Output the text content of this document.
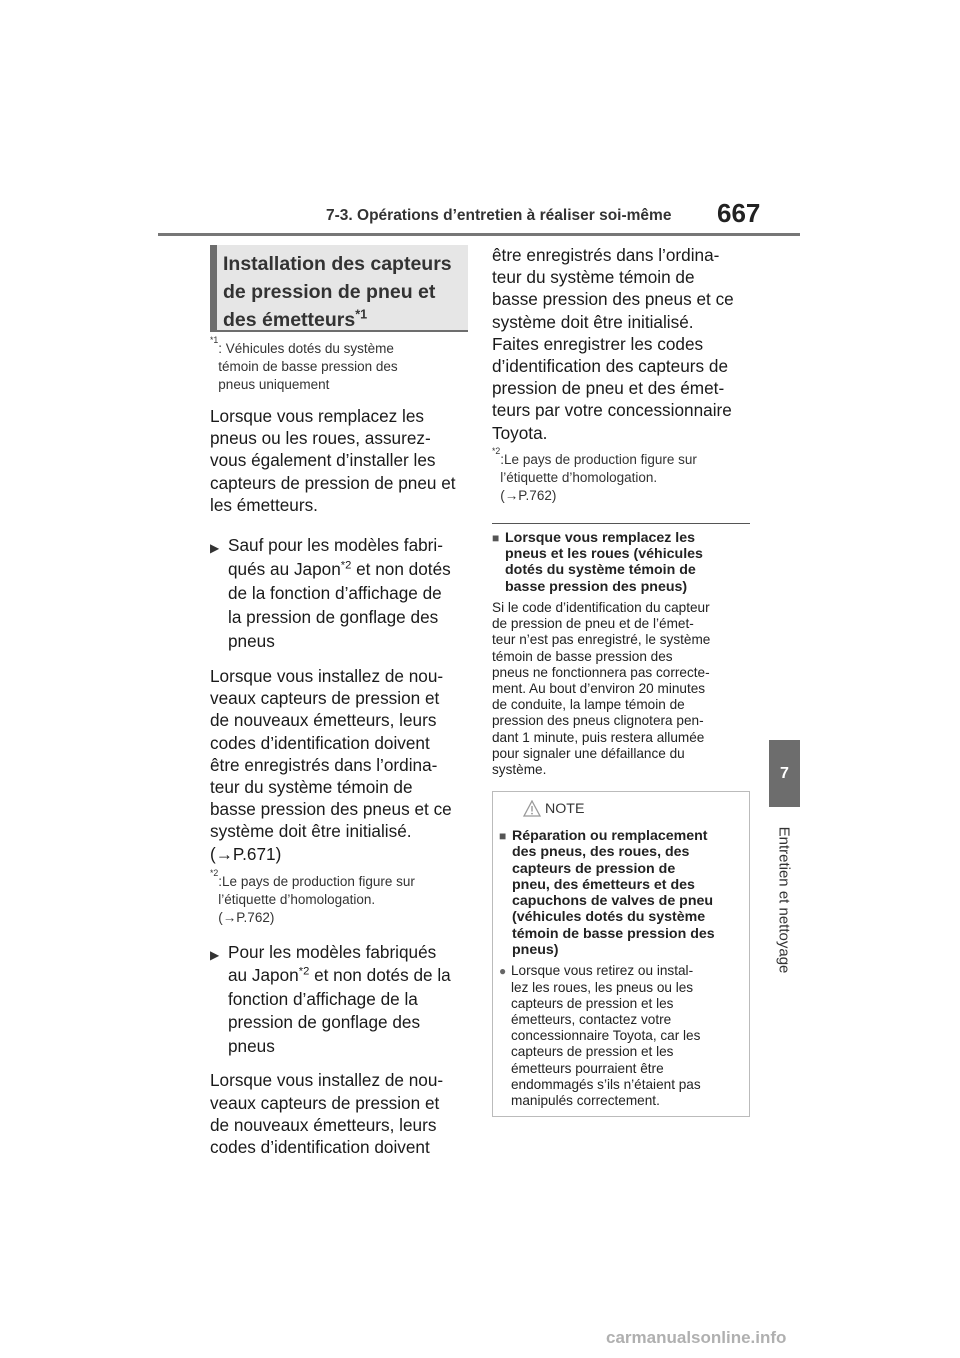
7-3. Opérations d’entretien à réaliser soi-même 667
7
Entretien et nettoyage

Installation des capteurs

de pression de pneu et

des émetteurs$^{*1}$

*1
: Véhicules dotés du système
témoin de basse pression des
pneus uniquement

Lorsque vous remplacez les
pneus ou les roues, assurez-
vous également d’installer les
capteurs de pression de pneu et
les émetteurs.

▶ Sauf pour les modèles fabri-
qués au Japon$^{*2}$ et non dotés
de la fonction d’affichage de
la pression de gonflage des
pneus

Lorsque vous installez de nou-
veaux capteurs de pression et
de nouveaux émetteurs, leurs
codes d’identification doivent
être enregistrés dans l’ordina-
teur du système témoin de
basse pression des pneus et ce
système doit être initialisé.
(→P.671)

*2
:Le pays de production figure sur
l’étiquette d’homologation.
(→P.762)
▶ Pour les modèles fabriqués
au Japon$^{*2}$ et non dotés de la
fonction d’affichage de la
pression de gonflage des
pneus

Lorsque vous installez de nou-
veaux capteurs de pression et
de nouveaux émetteurs, leurs
codes d’identification doivent

être enregistrés dans l’ordina-
teur du système témoin de
basse pression des pneus et ce
système doit être initialisé.
Faites enregistrer les codes
d’identification des capteurs de
pression de pneu et des émet-
teurs par votre concessionnaire
Toyota.

*2
:Le pays de production figure sur
l’étiquette d’homologation.
(→P.762)
■ Lorsque vous remplacez les
pneus et les roues (véhicules
dotés du système témoin de
basse pression des pneus)

Si le code d’identification du capteur
de pression de pneu et de l’émet-
teur n’est pas enregistré, le système
témoin de basse pression des
pneus ne fonctionnera pas correcte-
ment. Au bout d’environ 20 minutes
de conduite, la lampe témoin de
pression des pneus clignotera pen-
dant 1 minute, puis restera allumée
pour signaler une défaillance du
système.

NOTE
■ Réparation ou remplacement
des pneus, des roues, des
capteurs de pression de
pneu, des émetteurs et des
capuchons de valves de pneu
(véhicules dotés du système
témoin de basse pression des
pneus)
● Lorsque vous retirez ou instal-
lez les roues, les pneus ou les
capteurs de pression et les
émetteurs, contactez votre
concessionnaire Toyota, car les
capteurs de pression et les
émetteurs pourraient être
endommagés s’ils n’étaient pas
manipulés correctement.
carmanualsonline.info
